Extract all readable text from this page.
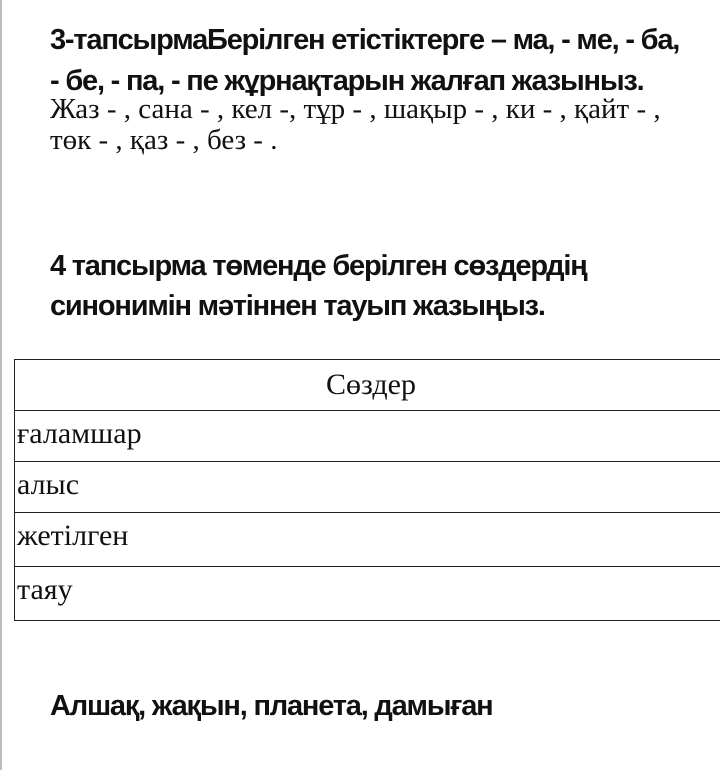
3-тапсырмаБерілген етістіктерге – ма, - ме, - ба, - бе, - па, - пе жұрнақтарын жалғап жазыныз.

Жаз - , сана - , кел -, тұр - , шақыр - , ки - , қайт - , төк - , қаз - , без - .

4 тапсырма төменде берілген сөздердің синонимін мәтіннен тауып жазыңыз.

Сөздер
ғаламшар
алыс
жетілген
таяу

Алшақ, жақын, планета, дамыған
